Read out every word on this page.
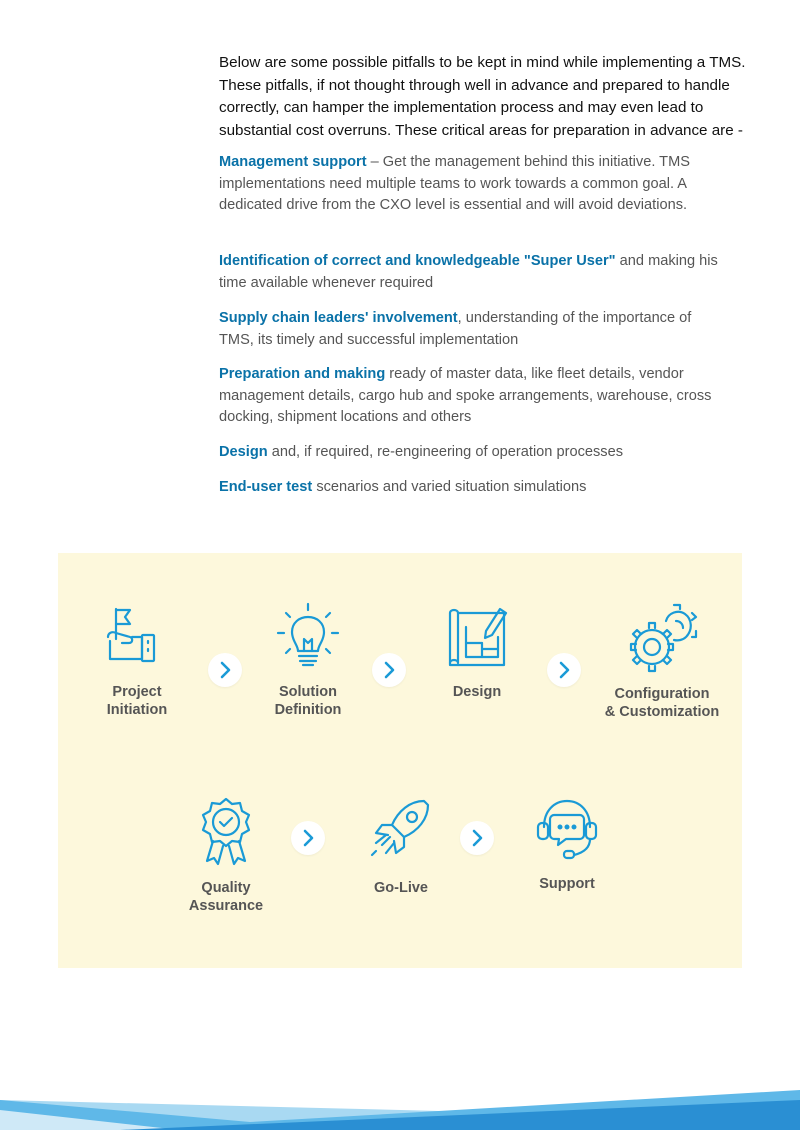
Below are some possible pitfalls to be kept in mind while implementing a TMS. These pitfalls, if not thought through well in advance and prepared to handle correctly, can hamper the implementation process and may even lead to substantial cost overruns. These critical areas for preparation in advance are -
Management support – Get the management behind this initiative. TMS implementations need multiple teams to work towards a common goal. A dedicated drive from the CXO level is essential and will avoid deviations.
Identification of correct and knowledgeable "Super User" and making his time available whenever required
Supply chain leaders' involvement, understanding of the importance of TMS, its timely and successful implementation
Preparation and making ready of master data, like fleet details, vendor management details, cargo hub and spoke arrangements, warehouse, cross docking, shipment locations and others
Design and, if required, re-engineering of operation processes
End-user test scenarios and varied situation simulations
Project
Initiation
Solution
Definition
Design	Configuration
& Customization
Quality
Assurance
Go-Live	Support
